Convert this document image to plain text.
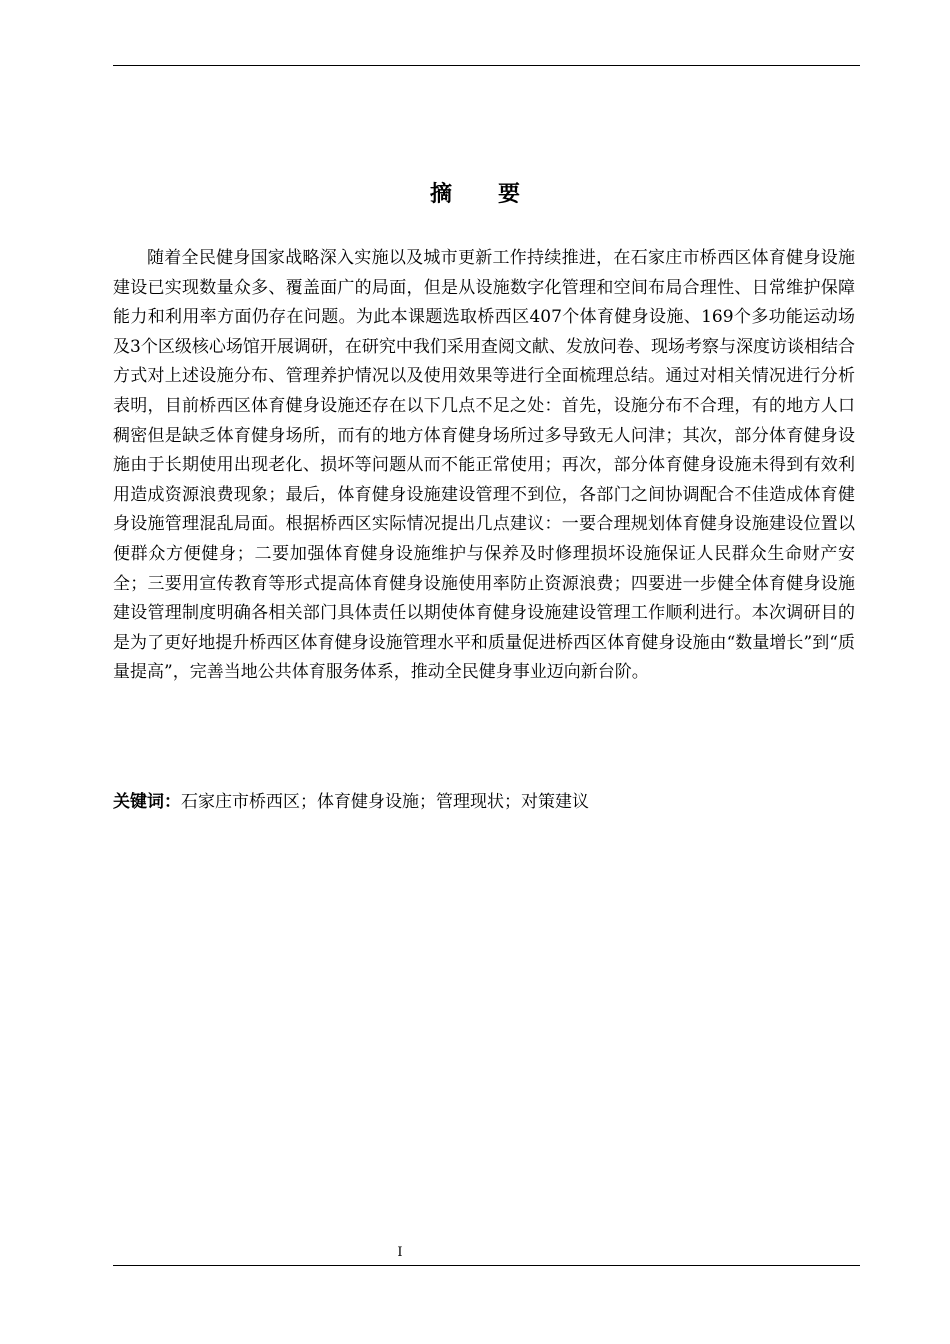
摘 要

随着全民健身国家战略深入实施以及城市更新工作持续推进，在石家庄市桥西区体育健身设施建设已实现数量众多、覆盖面广的局面，但是从设施数字化管理和空间布局合理性、日常维护保障能力和利用率方面仍存在问题。为此本课题选取桥西区407个体育健身设施、169个多功能运动场及3个区级核心场馆开展调研，在研究中我们采用查阅文献、发放问卷、现场考察与深度访谈相结合方式对上述设施分布、管理养护情况以及使用效果等进行全面梳理总结。通过对相关情况进行分析表明，目前桥西区体育健身设施还存在以下几点不足之处：首先，设施分布不合理，有的地方人口稠密但是缺乏体育健身场所，而有的地方体育健身场所过多导致无人问津；其次，部分体育健身设施由于长期使用出现老化、损坏等问题从而不能正常使用；再次，部分体育健身设施未得到有效利用造成资源浪费现象；最后，体育健身设施建设管理不到位，各部门之间协调配合不佳造成体育健身设施管理混乱局面。根据桥西区实际情况提出几点建议：一要合理规划体育健身设施建设位置以便群众方便健身；二要加强体育健身设施维护与保养及时修理损坏设施保证人民群众生命财产安全；三要用宣传教育等形式提高体育健身设施使用率防止资源浪费；四要进一步健全体育健身设施建设管理制度明确各相关部门具体责任以期使体育健身设施建设管理工作顺利进行。本次调研目的是为了更好地提升桥西区体育健身设施管理水平和质量促进桥西区体育健身设施由“数量增长”到“质量提高”，完善当地公共体育服务体系，推动全民健身事业迈向新台阶。

关键词：石家庄市桥西区；体育健身设施；管理现状；对策建议

I
